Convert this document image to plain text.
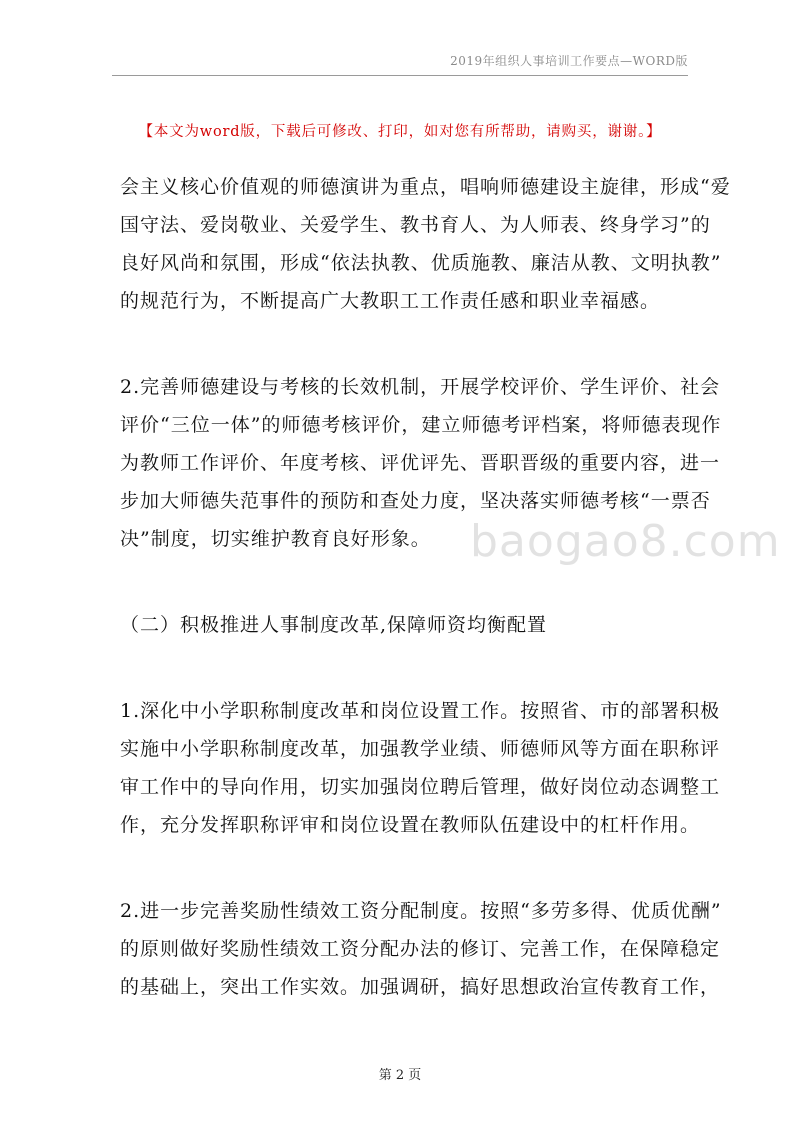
2019年组织人事培训工作要点—WORD版
【本文为word版，下载后可修改、打印，如对您有所帮助，请购买，谢谢。】

会主义核心价值观的师德演讲为重点，唱响师德建设主旋律，形成“爱
国守法、爱岗敬业、关爱学生、教书育人、为人师表、终身学习”的
良好风尚和氛围，形成“依法执教、优质施教、廉洁从教、文明执教”
的规范行为，不断提高广大教职工工作责任感和职业幸福感。

2.完善师德建设与考核的长效机制，开展学校评价、学生评价、社会
评价“三位一体”的师德考核评价，建立师德考评档案，将师德表现作
为教师工作评价、年度考核、评优评先、晋职晋级的重要内容，进一
步加大师德失范事件的预防和查处力度，坚决落实师德考核“一票否
决”制度，切实维护教育良好形象。

（二）积极推进人事制度改革,保障师资均衡配置

1.深化中小学职称制度改革和岗位设置工作。按照省、市的部署积极
实施中小学职称制度改革，加强教学业绩、师德师风等方面在职称评
审工作中的导向作用，切实加强岗位聘后管理，做好岗位动态调整工
作，充分发挥职称评审和岗位设置在教师队伍建设中的杠杆作用。

2.进一步完善奖励性绩效工资分配制度。按照“多劳多得、优质优酬”
的原则做好奖励性绩效工资分配办法的修订、完善工作，在保障稳定
的基础上，突出工作实效。加强调研，搞好思想政治宣传教育工作，

baogao8.com
第 2 页
